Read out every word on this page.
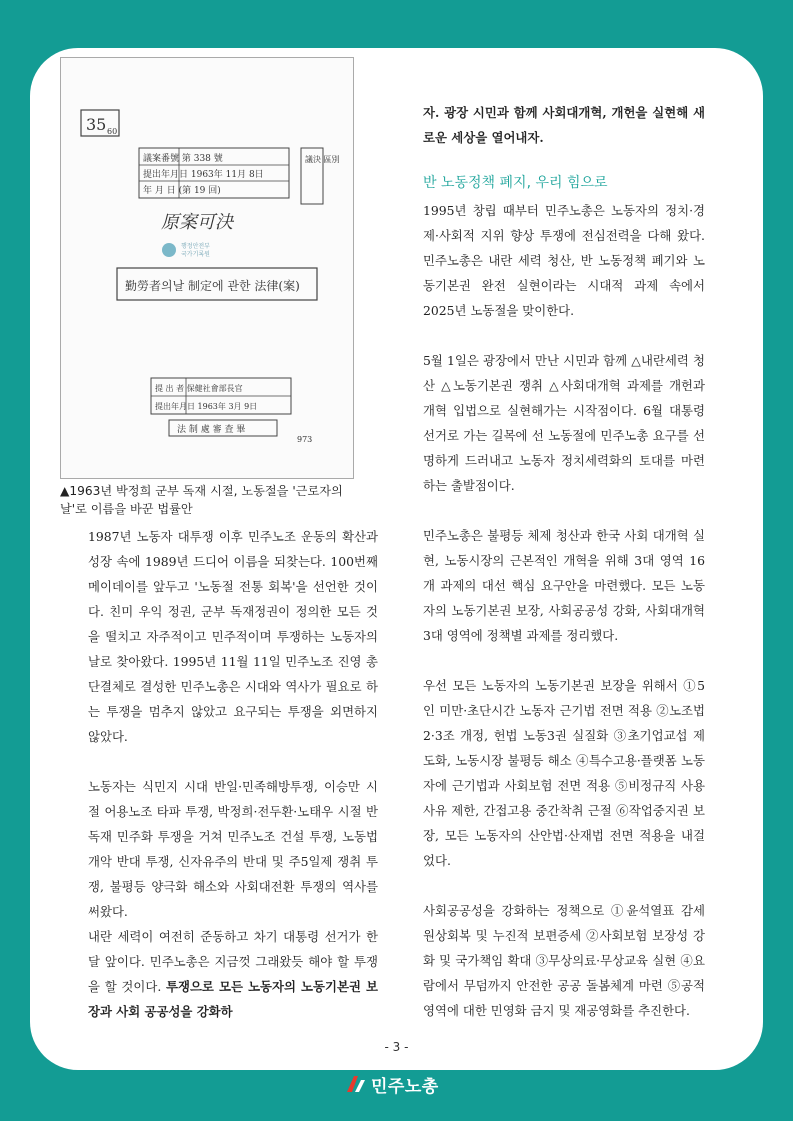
- 3 -
35 60
議案番號 第 338 號
提出年月日 1963年 11月 8日
年 月 日 (第 19 回)
議決 區別
原案可決
행정안전부
국가기록원
勤勞者의날 制定에 관한 法律(案)
提 出 者 保健社會部長官
提出年月日 1963年 3月 9日
法 制 處 審 査 畢
973
▲1963년 박정희 군부 독재 시절, 노동절을 '근로자의날'로 이름을 바꾼 법률안

1987년 노동자 대투쟁 이후 민주노조 운동의 확산과 성장 속에 1989년 드디어 이름을 되찾는다. 100번째 메이데이를 앞두고 '노동절 전통 회복'을 선언한 것이다. 친미 우익 정권, 군부 독재정권이 정의한 모든 것을 떨치고 자주적이고 민주적이며 투쟁하는 노동자의 날로 찾아왔다. 1995년 11월 11일 민주노조 진영 총단결체로 결성한 민주노총은 시대와 역사가 필요로 하는 투쟁을 멈추지 않았고 요구되는 투쟁을 외면하지 않았다.

노동자는 식민지 시대 반일·민족해방투쟁, 이승만 시절 어용노조 타파 투쟁, 박정희·전두환·노태우 시절 반독재 민주화 투쟁을 거쳐 민주노조 건설 투쟁, 노동법 개악 반대 투쟁, 신자유주의 반대 및 주5일제 쟁취 투쟁, 불평등 양극화 해소와 사회대전환 투쟁의 역사를 써왔다.

내란 세력이 여전히 준동하고 차기 대통령 선거가 한 달 앞이다. 민주노총은 지금껏 그래왔듯 해야 할 투쟁을 할 것이다. 투쟁으로 모든 노동자의 노동기본권 보장과 사회 공공성을 강화하

자. 광장 시민과 함께 사회대개혁, 개헌을 실현해 새로운 세상을 열어내자.

반 노동정책 폐지, 우리 힘으로

1995년 창립 때부터 민주노총은 노동자의 정치·경제·사회적 지위 향상 투쟁에 전심전력을 다해 왔다. 민주노총은 내란 세력 청산, 반 노동정책 폐기와 노동기본권 완전 실현이라는 시대적 과제 속에서 2025년 노동절을 맞이한다.

5월 1일은 광장에서 만난 시민과 함께 △내란세력 청산 △노동기본권 쟁취 △사회대개혁 과제를 개헌과 개혁 입법으로 실현해가는 시작점이다. 6월 대통령 선거로 가는 길목에 선 노동절에 민주노총 요구를 선명하게 드러내고 노동자 정치세력화의 토대를 마련하는 출발점이다.

민주노총은 불평등 체제 청산과 한국 사회 대개혁 실현, 노동시장의 근본적인 개혁을 위해 3대 영역 16개 과제의 대선 핵심 요구안을 마련했다. 모든 노동자의 노동기본권 보장, 사회공공성 강화, 사회대개혁 3대 영역에 정책별 과제를 정리했다.

우선 모든 노동자의 노동기본권 보장을 위해서 ①5인 미만·초단시간 노동자 근기법 전면 적용 ②노조법 2·3조 개정, 헌법 노동3권 실질화 ③초기업교섭 제도화, 노동시장 불평등 해소 ④특수고용·플랫폼 노동자에 근기법과 사회보험 전면 적용 ⑤비정규직 사용 사유 제한, 간접고용 중간착취 근절 ⑥작업중지권 보장, 모든 노동자의 산안법·산재법 전면 적용을 내걸었다.

사회공공성을 강화하는 정책으로 ①윤석열표 감세 원상회복 및 누진적 보편증세 ②사회보험 보장성 강화 및 국가책임 확대 ③무상의료·무상교육 실현 ④요람에서 무덤까지 안전한 공공 돌봄체계 마련 ⑤공적영역에 대한 민영화 금지 및 재공영화를 추진한다.

민주노총
